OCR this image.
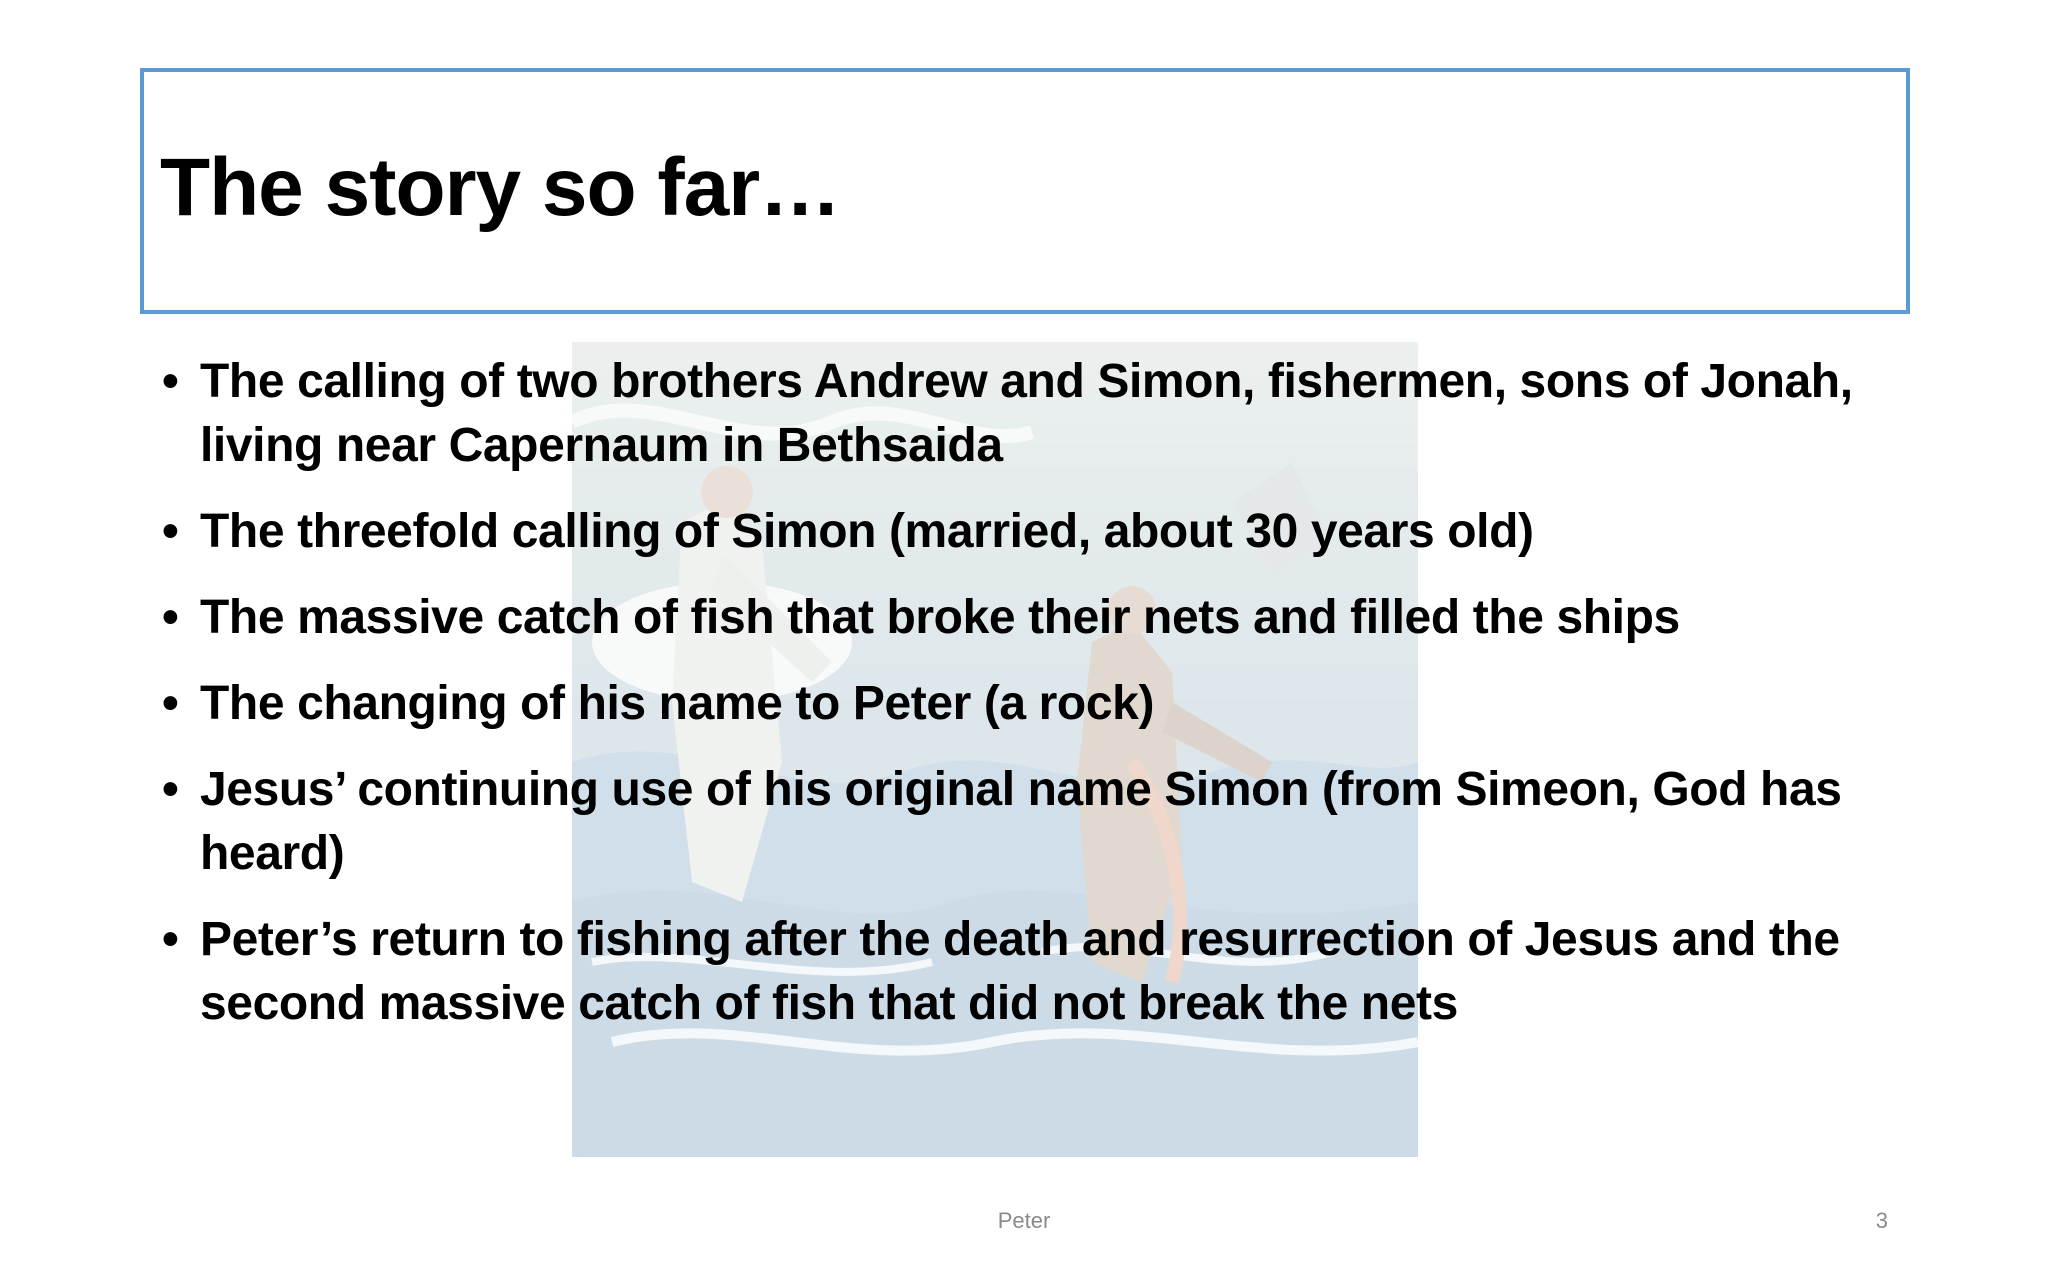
The story so far…
• The calling of two brothers Andrew and Simon, fishermen, sons of Jonah, living near Capernaum in Bethsaida
• The threefold calling of Simon (married, about 30 years old)
• The massive catch of fish that broke their nets and filled the ships
• The changing of his name to Peter (a rock)
• Jesus’ continuing use of his original name Simon (from Simeon, God has heard)
• Peter’s return to fishing after the death and resurrection of Jesus and the second massive catch of fish that did not break the nets
Peter	3
